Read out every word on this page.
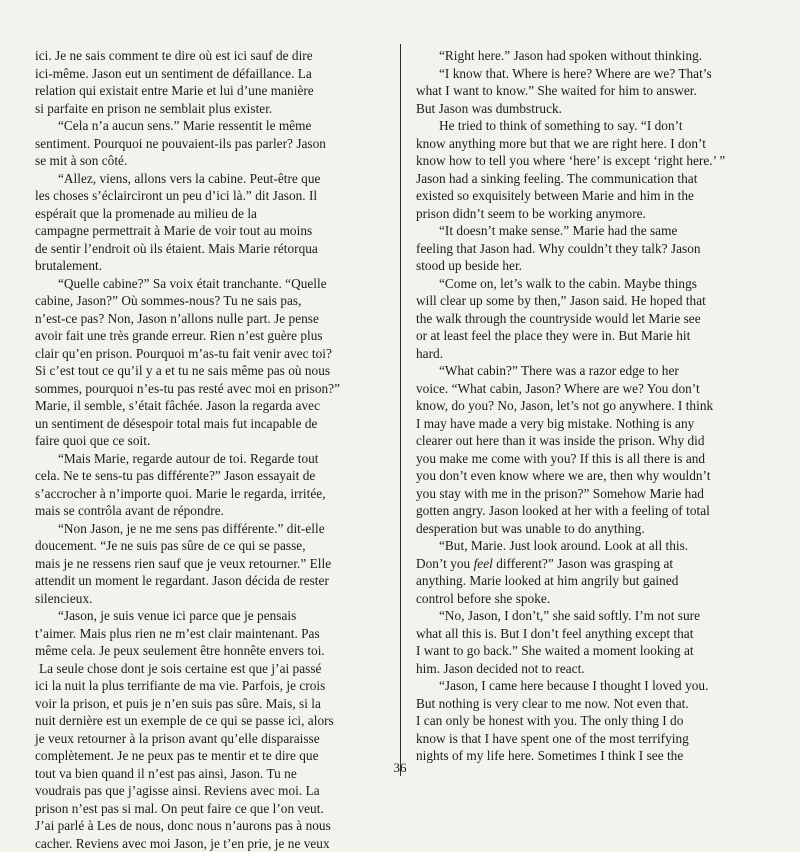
ici. Je ne sais comment te dire où est ici sauf de dire
ici-même. Jason eut un sentiment de défaillance. La
relation qui existait entre Marie et lui d’une manière
si parfaite en prison ne semblait plus exister.
“Cela n’a aucun sens.” Marie ressentit le même
sentiment. Pourquoi ne pouvaient-ils pas parler? Jason
se mit à son côté.
“Allez, viens, allons vers la cabine. Peut-être que
les choses s’éclairciront un peu d’ici là.” dit Jason. Il
espérait que la promenade au milieu de la
campagne permettrait à Marie de voir tout au moins
de sentir l’endroit où ils étaient. Mais Marie rétorqua
brutalement.
“Quelle cabine?” Sa voix était tranchante. “Quelle
cabine, Jason?” Où sommes-nous? Tu ne sais pas,
n’est-ce pas? Non, Jason n’allons nulle part. Je pense
avoir fait une très grande erreur. Rien n’est guère plus
clair qu’en prison. Pourquoi m’as-tu fait venir avec toi?
Si c’est tout ce qu’il y a et tu ne sais même pas où nous
sommes, pourquoi n’es-tu pas resté avec moi en prison?”
Marie, il semble, s’était fâchée. Jason la regarda avec
un sentiment de désespoir total mais fut incapable de
faire quoi que ce soit.
“Mais Marie, regarde autour de toi. Regarde tout
cela. Ne te sens-tu pas différente?” Jason essayait de
s’accrocher à n’importe quoi. Marie le regarda, irritée,
mais se contrôla avant de répondre.
“Non Jason, je ne me sens pas différente.” dit-elle
doucement. “Je ne suis pas sûre de ce qui se passe,
mais je ne ressens rien sauf que je veux retourner.” Elle
attendit un moment le regardant. Jason décida de rester
silencieux.
“Jason, je suis venue ici parce que je pensais
t’aimer. Mais plus rien ne m’est clair maintenant. Pas
même cela. Je peux seulement être honnête envers toi.
La seule chose dont je sois certaine est que j’ai passé
ici la nuit la plus terrifiante de ma vie. Parfois, je crois
voir la prison, et puis je n’en suis pas sûre. Mais, si la
nuit dernière est un exemple de ce qui se passe ici, alors
je veux retourner à la prison avant qu’elle disparaisse
complètement. Je ne peux pas te mentir et te dire que
tout va bien quand il n’est pas ainsi, Jason. Tu ne
voudrais pas que j’agisse ainsi. Reviens avec moi. La
prison n’est pas si mal. On peut faire ce que l’on veut.
J’ai parlé à Les de nous, donc nous n’aurons pas à nous
cacher. Reviens avec moi Jason, je t’en prie, je ne veux
“Right here.” Jason had spoken without thinking.
“I know that. Where is here? Where are we? That’s
what I want to know.” She waited for him to answer.
But Jason was dumbstruck.
He tried to think of something to say. “I don’t
know anything more but that we are right here. I don’t
know how to tell you where ‘here’ is except ‘right here.’ ”
Jason had a sinking feeling. The communication that
existed so exquisitely between Marie and him in the
prison didn’t seem to be working anymore.
“It doesn’t make sense.” Marie had the same
feeling that Jason had. Why couldn’t they talk? Jason
stood up beside her.
“Come on, let’s walk to the cabin. Maybe things
will clear up some by then,” Jason said. He hoped that
the walk through the countryside would let Marie see
or at least feel the place they were in. But Marie hit
hard.
“What cabin?” There was a razor edge to her
voice. “What cabin, Jason? Where are we? You don’t
know, do you? No, Jason, let’s not go anywhere. I think
I may have made a very big mistake. Nothing is any
clearer out here than it was inside the prison. Why did
you make me come with you? If this is all there is and
you don’t even know where we are, then why wouldn’t
you stay with me in the prison?” Somehow Marie had
gotten angry. Jason looked at her with a feeling of total
desperation but was unable to do anything.
“But, Marie. Just look around. Look at all this.
Don’t you feel different?” Jason was grasping at
anything. Marie looked at him angrily but gained
control before she spoke.
“No, Jason, I don’t,” she said softly. I’m not sure
what all this is. But I don’t feel anything except that
I want to go back.” She waited a moment looking at
him. Jason decided not to react.
“Jason, I came here because I thought I loved you.
But nothing is very clear to me now. Not even that.
I can only be honest with you. The only thing I do
know is that I have spent one of the most terrifying
nights of my life here. Sometimes I think I see the
36
